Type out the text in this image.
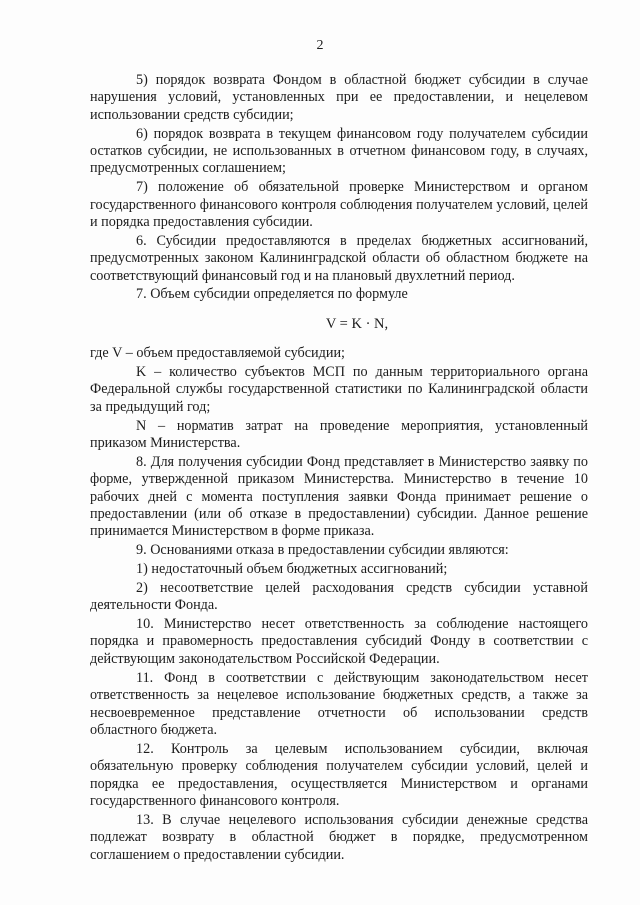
2

5) порядок возврата Фондом в областной бюджет субсидии в случае нарушения условий, установленных при ее предоставлении, и нецелевом использовании средств субсидии;

6) порядок возврата в текущем финансовом году получателем субсидии остатков субсидии, не использованных в отчетном финансовом году, в случаях, предусмотренных соглашением;

7) положение об обязательной проверке Министерством и органом государственного финансового контроля соблюдения получателем условий, целей и порядка предоставления субсидии.

6. Субсидии предоставляются в пределах бюджетных ассигнований, предусмотренных законом Калининградской области об областном бюджете на соответствующий финансовый год и на плановый двухлетний период.

7. Объем субсидии определяется по формуле

V = K · N,

где V – объем предоставляемой субсидии;

K – количество субъектов МСП по данным территориального органа Федеральной службы государственной статистики по Калининградской области за предыдущий год;

N – норматив затрат на проведение мероприятия, установленный приказом Министерства.

8. Для получения субсидии Фонд представляет в Министерство заявку по форме, утвержденной приказом Министерства. Министерство в течение 10 рабочих дней с момента поступления заявки Фонда принимает решение о предоставлении (или об отказе в предоставлении) субсидии. Данное решение принимается Министерством в форме приказа.

9. Основаниями отказа в предоставлении субсидии являются:

1) недостаточный объем бюджетных ассигнований;

2) несоответствие целей расходования средств субсидии уставной деятельности Фонда.

10. Министерство несет ответственность за соблюдение настоящего порядка и правомерность предоставления субсидий Фонду в соответствии с действующим законодательством Российской Федерации.

11. Фонд в соответствии с действующим законодательством несет ответственность за нецелевое использование бюджетных средств, а также за несвоевременное представление отчетности об использовании средств областного бюджета.

12. Контроль за целевым использованием субсидии, включая обязательную проверку соблюдения получателем субсидии условий, целей и порядка ее предоставления, осуществляется Министерством и органами государственного финансового контроля.

13. В случае нецелевого использования субсидии денежные средства подлежат возврату в областной бюджет в порядке, предусмотренном соглашением о предоставлении субсидии.
